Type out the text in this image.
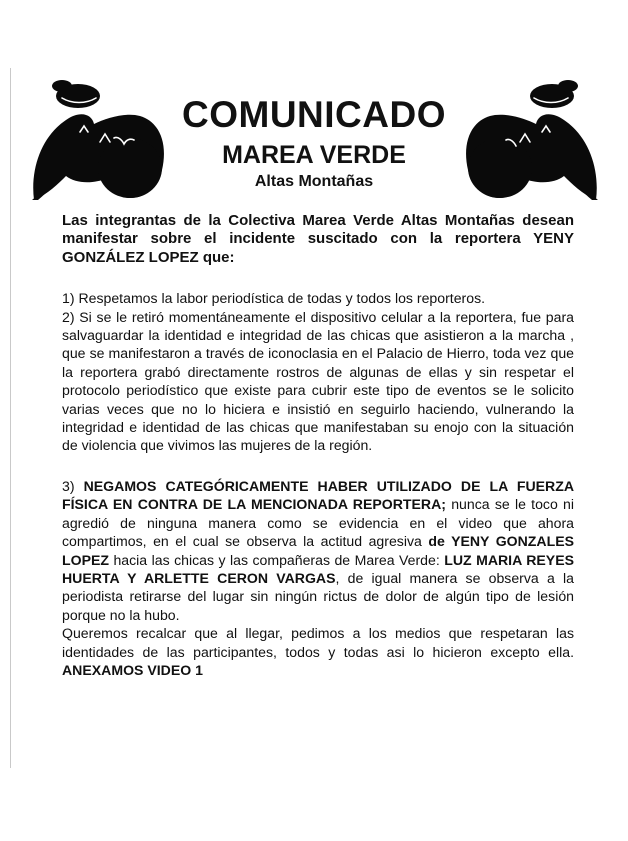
COMUNICADO
MAREA VERDE
Altas Montañas

Las integrantas de la Colectiva Marea Verde Altas Montañas desean manifestar sobre el incidente suscitado con la reportera YENY GONZÁLEZ LOPEZ que:

1) Respetamos la labor periodística de todas y todos los reporteros.

2) Si se le retiró momentáneamente el dispositivo celular a la reportera, fue para salvaguardar la identidad e integridad de las chicas que asistieron a la marcha , que se manifestaron a través de iconoclasia en el Palacio de Hierro, toda vez que la reportera grabó directamente rostros de algunas de ellas y sin respetar el protocolo periodístico que existe para cubrir este tipo de eventos se le solicito varias veces que no lo hiciera e insistió en seguirlo haciendo, vulnerando la integridad e identidad de las chicas que manifestaban su enojo con la situación de violencia que vivimos las mujeres de la región.

3) NEGAMOS CATEGÓRICAMENTE HABER UTILIZADO DE LA FUERZA FÍSICA EN CONTRA DE LA MENCIONADA REPORTERA; nunca se le toco ni agredió de ninguna manera como se evidencia en el video que ahora compartimos, en el cual se observa la actitud agresiva de YENY GONZALES LOPEZ hacia las chicas y las compañeras de Marea Verde: LUZ MARIA REYES HUERTA Y ARLETTE CERON VARGAS, de igual manera se observa a la periodista retirarse del lugar sin ningún rictus de dolor de algún tipo de lesión porque no la hubo.

Queremos recalcar que al llegar, pedimos a los medios que respetaran las identidades de las participantes, todos y todas asi lo hicieron excepto ella. ANEXAMOS VIDEO 1
